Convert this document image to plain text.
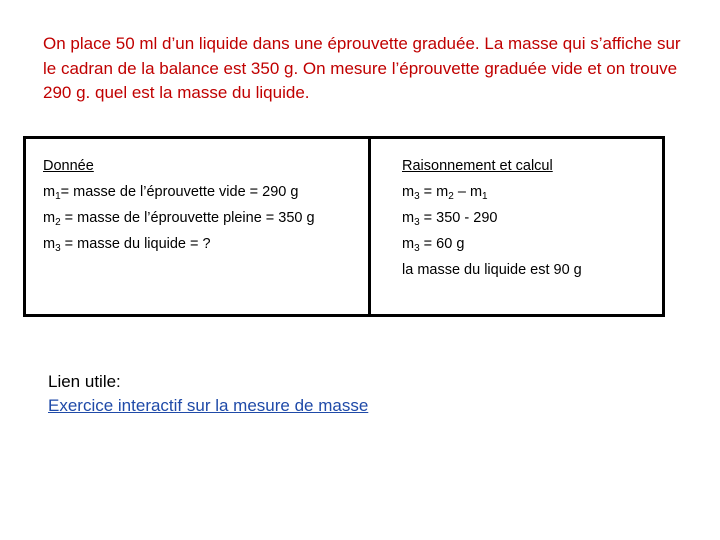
On place 50 ml d’un liquide dans une éprouvette graduée. La masse qui s’affiche sur le cadran de la balance est 350 g. On mesure l’éprouvette graduée vide et on trouve 290 g. quel est la masse du liquide.
Donnée
$m_1=$ masse de l’éprouvette vide = 290 g
$m_2$ = masse de l’éprouvette pleine = 350 g
$m_3$ = masse du liquide = ?
Raisonnement et calcul
$m_3 = m_2 - m_1$
$m_3 = 350 - 290$
$m_3 = 60$ g
la masse du liquide est 90 g
Lien utile:
Exercice interactif sur la mesure de masse
